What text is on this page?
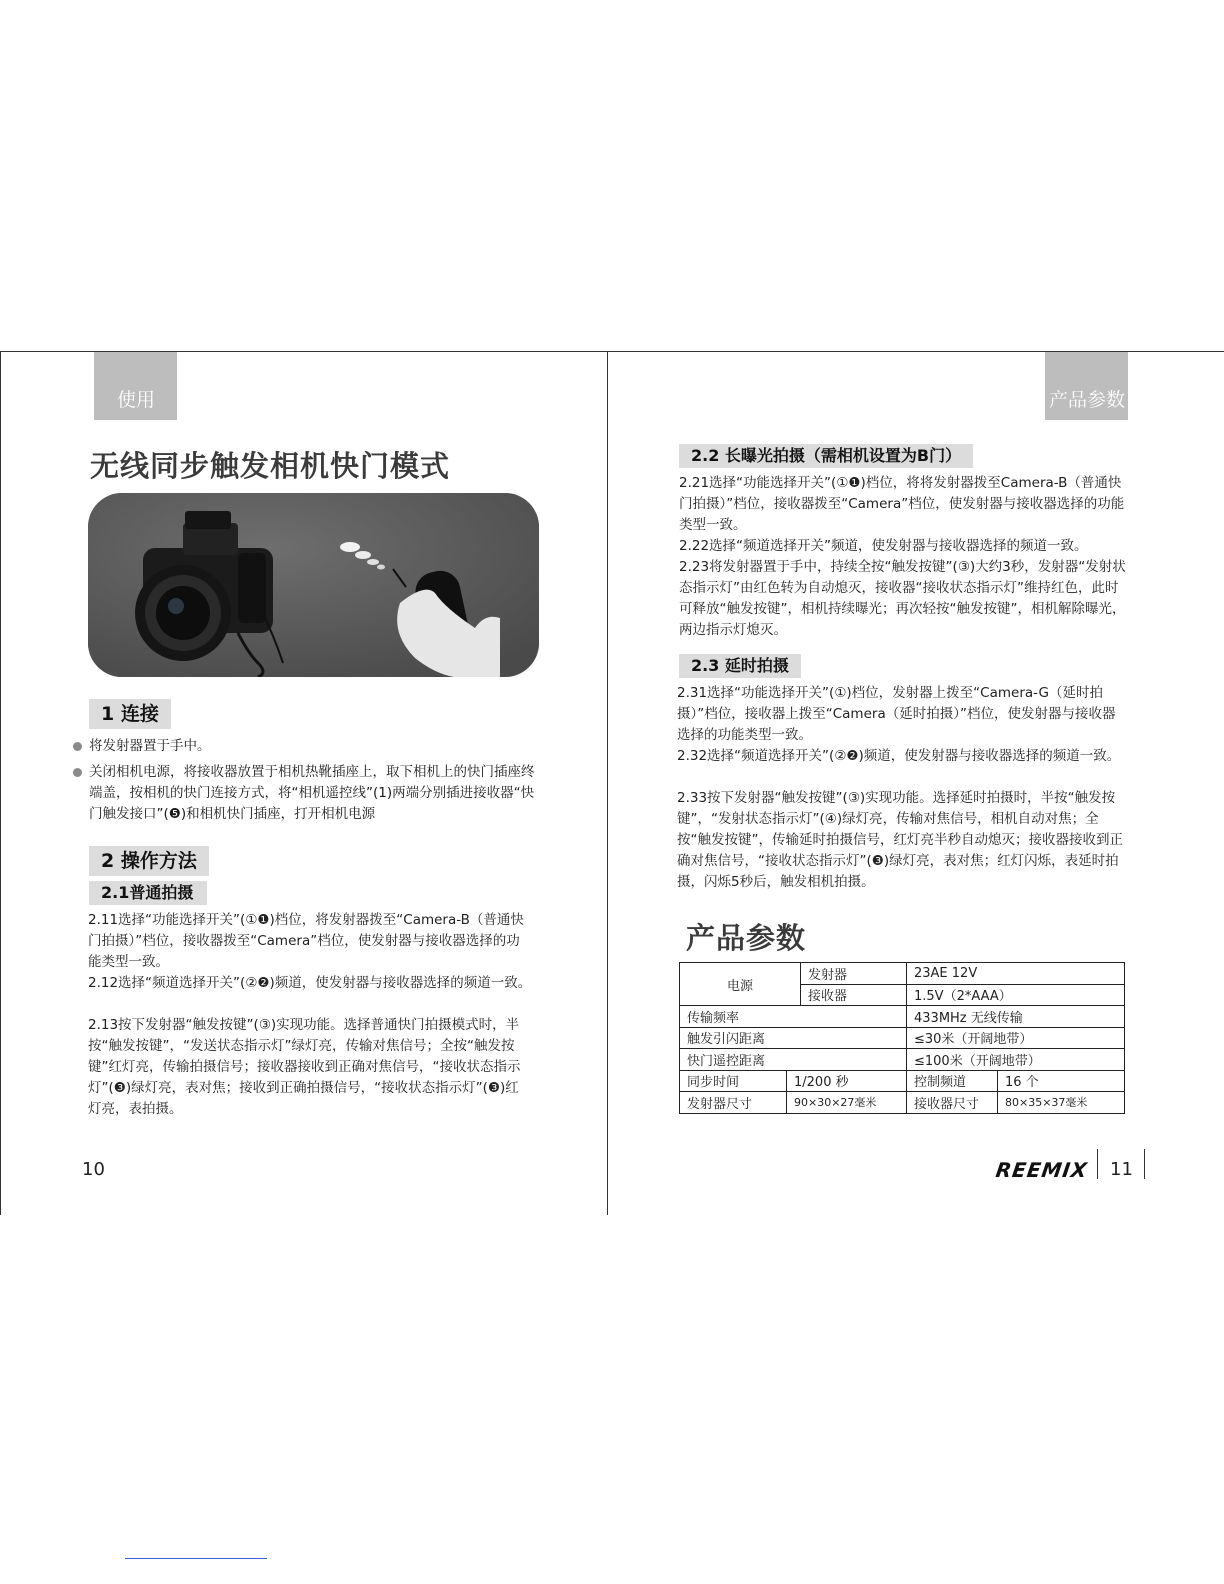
使用
无线同步触发相机快门模式
1 连接
将发射器置于手中。
关闭相机电源，将接收器放置于相机热靴插座上，取下相机上的快门插座终端盖，按相机的快门连接方式，将“相机遥控线”(1)两端分别插进接收器“快门触发接口”(❺)和相机快门插座，打开相机电源
2 操作方法
2.1普通拍摄
2.11选择“功能选择开关”(①❶)档位，将发射器拨至“Camera-B（普通快门拍摄）”档位，接收器拨至“Camera”档位，使发射器与接收器选择的功能类型一致。
2.12选择“频道选择开关”(②❷)频道，使发射器与接收器选择的频道一致。
2.13按下发射器“触发按键”(③)实现功能。选择普通快门拍摄模式时，半按“触发按键”，“发送状态指示灯”绿灯亮，传输对焦信号；全按“触发按键”红灯亮，传输拍摄信号；接收器接收到正确对焦信号，“接收状态指示灯”(❸)绿灯亮，表对焦；接收到正确拍摄信号，“接收状态指示灯”(❸)红灯亮，表拍摄。
10
产品参数
2.2 长曝光拍摄（需相机设置为B门）
2.21选择“功能选择开关”(①❶)档位，将将发射器拨至Camera-B（普通快门拍摄）”档位，接收器拨至“Camera”档位，使发射器与接收器选择的功能类型一致。
2.22选择“频道选择开关”频道，使发射器与接收器选择的频道一致。
2.23将发射器置于手中，持续全按“触发按键”(③)大约3秒，发射器“发射状态指示灯”由红色转为自动熄灭，接收器“接收状态指示灯”维持红色，此时可释放“触发按键”，相机持续曝光；再次轻按“触发按键”，相机解除曝光，两边指示灯熄灭。
2.3 延时拍摄
2.31选择“功能选择开关”(①)档位，发射器上拨至“Camera-G（延时拍摄）”档位，接收器上拨至“Camera（延时拍摄）”档位，使发射器与接收器选择的功能类型一致。
2.32选择“频道选择开关”(②❷)频道，使发射器与接收器选择的频道一致。
2.33按下发射器“触发按键”(③)实现功能。选择延时拍摄时，半按“触发按键”，“发射状态指示灯”(④)绿灯亮，传输对焦信号，相机自动对焦；全按“触发按键”，传输延时拍摄信号，红灯亮半秒自动熄灭；接收器接收到正确对焦信号，“接收状态指示灯”(❸)绿灯亮，表对焦；红灯闪烁，表延时拍摄，闪烁5秒后，触发相机拍摄。
产品参数
电源		发射器	23AE 12V	
		接收器	1.5V（2*AAA）	
传输频率			433MHz 无线传输	
触发引闪距离			≤30米（开阔地带）	
快门遥控距离			≤100米（开阔地带）	
同步时间	1/200 秒		控制频道	16 个
发射器尺寸	90×30×27毫米		接收器尺寸	80×35×37毫米
REEMIX 11
